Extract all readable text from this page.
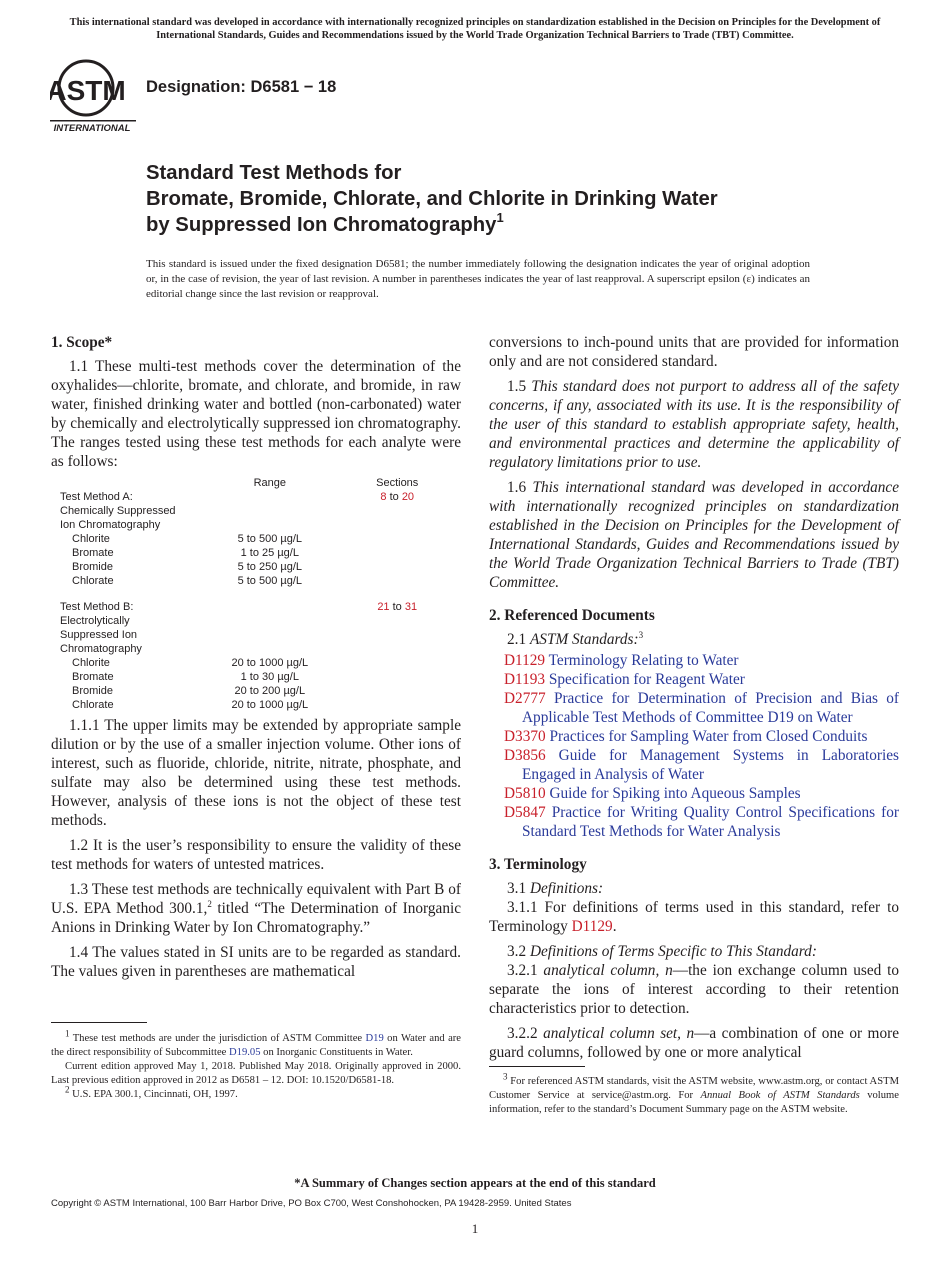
This international standard was developed in accordance with internationally recognized principles on standardization established in the Decision on Principles for the Development of International Standards, Guides and Recommendations issued by the World Trade Organization Technical Barriers to Trade (TBT) Committee.
ASTM
INTERNATIONAL
Designation: D6581 − 18
Standard Test Methods for
Bromate, Bromide, Chlorate, and Chlorite in Drinking Water
by Suppressed Ion Chromatography$^1$
This standard is issued under the fixed designation D6581; the number immediately following the designation indicates the year of original adoption or, in the case of revision, the year of last revision. A number in parentheses indicates the year of last reapproval. A superscript epsilon (ε) indicates an editorial change since the last revision or reapproval.

1. Scope*

1.1 These multi-test methods cover the determination of the oxyhalides—chlorite, bromate, and chlorate, and bromide, in raw water, finished drinking water and bottled (non-carbonated) water by chemically and electrolytically suppressed ion chromatography. The ranges tested using these test methods for each analyte were as follows:

	Range	Sections
Test Method A:		8 to 20
Chemically Suppressed		
Ion Chromatography		
Chlorite	5 to 500 µg/L	
Bromate	1 to 25 µg/L	
Bromide	5 to 250 µg/L	
Chlorate	5 to 500 µg/L	

Test Method B:		21 to 31
Electrolytically		
Suppressed Ion		
Chromatography		
Chlorite	20 to 1000 µg/L	
Bromate	1 to 30 µg/L	
Bromide	20 to 200 µg/L	
Chlorate	20 to 1000 µg/L	

1.1.1 The upper limits may be extended by appropriate sample dilution or by the use of a smaller injection volume. Other ions of interest, such as fluoride, chloride, nitrite, nitrate, phosphate, and sulfate may also be determined using these test methods. However, analysis of these ions is not the object of these test methods.

1.2 It is the user’s responsibility to ensure the validity of these test methods for waters of untested matrices.

1.3 These test methods are technically equivalent with Part B of U.S. EPA Method 300.1,$^2$ titled “The Determination of Inorganic Anions in Drinking Water by Ion Chromatography.”

1.4 The values stated in SI units are to be regarded as standard. The values given in parentheses are mathematical

conversions to inch-pound units that are provided for information only and are not considered standard.

1.5 This standard does not purport to address all of the safety concerns, if any, associated with its use. It is the responsibility of the user of this standard to establish appropriate safety, health, and environmental practices and determine the applicability of regulatory limitations prior to use.

1.6 This international standard was developed in accordance with internationally recognized principles on standardization established in the Decision on Principles for the Development of International Standards, Guides and Recommendations issued by the World Trade Organization Technical Barriers to Trade (TBT) Committee.

2. Referenced Documents

2.1 ASTM Standards:$^3$

D1129 Terminology Relating to Water
D1193 Specification for Reagent Water
D2777 Practice for Determination of Precision and Bias of Applicable Test Methods of Committee D19 on Water
D3370 Practices for Sampling Water from Closed Conduits
D3856 Guide for Management Systems in Laboratories Engaged in Analysis of Water
D5810 Guide for Spiking into Aqueous Samples
D5847 Practice for Writing Quality Control Specifications for Standard Test Methods for Water Analysis

3. Terminology

3.1 Definitions:

3.1.1 For definitions of terms used in this standard, refer to Terminology D1129.

3.2 Definitions of Terms Specific to This Standard:

3.2.1 analytical column, n—the ion exchange column used to separate the ions of interest according to their retention characteristics prior to detection.

3.2.2 analytical column set, n—a combination of one or more guard columns, followed by one or more analytical

$^1$ These test methods are under the jurisdiction of ASTM Committee D19 on Water and are the direct responsibility of Subcommittee D19.05 on Inorganic Constituents in Water.

Current edition approved May 1, 2018. Published May 2018. Originally approved in 2000. Last previous edition approved in 2012 as D6581 – 12. DOI: 10.1520/D6581-18.

$^2$ U.S. EPA 300.1, Cincinnati, OH, 1997.

$^3$ For referenced ASTM standards, visit the ASTM website, www.astm.org, or contact ASTM Customer Service at service@astm.org. For Annual Book of ASTM Standards volume information, refer to the standard’s Document Summary page on the ASTM website.

*A Summary of Changes section appears at the end of this standard
Copyright © ASTM International, 100 Barr Harbor Drive, PO Box C700, West Conshohocken, PA 19428-2959. United States
1
